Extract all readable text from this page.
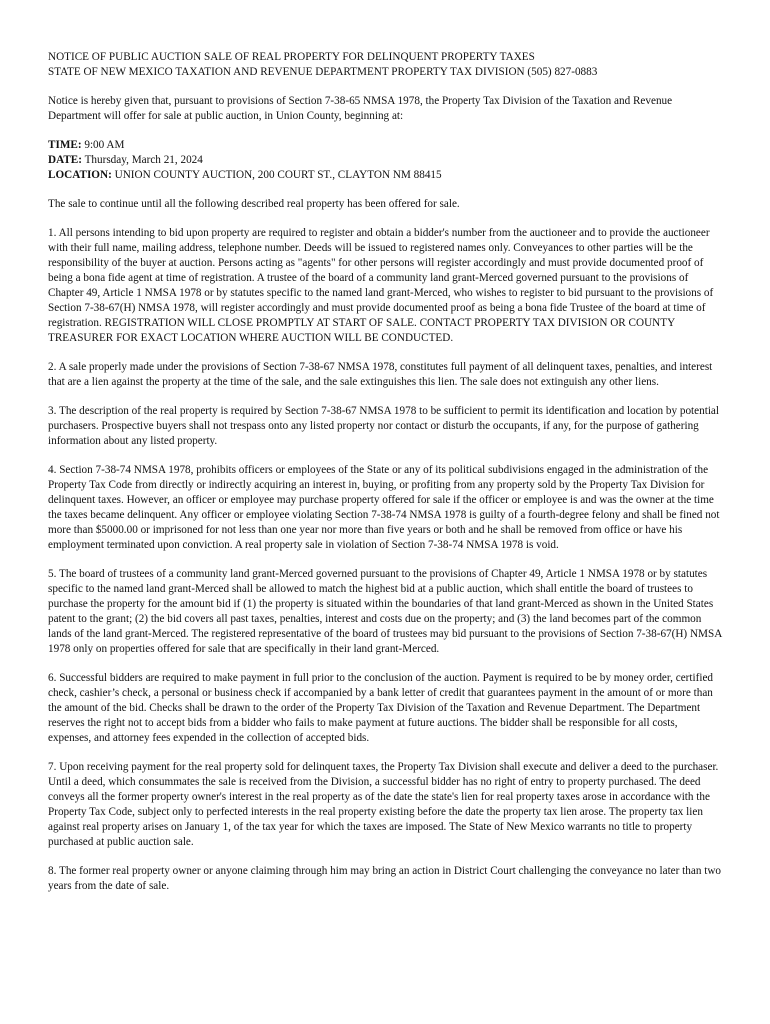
NOTICE OF PUBLIC AUCTION SALE OF REAL PROPERTY FOR DELINQUENT PROPERTY TAXES
STATE OF NEW MEXICO TAXATION AND REVENUE DEPARTMENT PROPERTY TAX DIVISION (505) 827-0883

Notice is hereby given that, pursuant to provisions of Section 7-38-65 NMSA 1978, the Property Tax Division of the Taxation and Revenue Department will offer for sale at public auction, in Union County, beginning at:

TIME: 9:00 AM
DATE: Thursday, March 21, 2024
LOCATION: UNION COUNTY AUCTION, 200 COURT ST., CLAYTON NM 88415

The sale to continue until all the following described real property has been offered for sale.

1. All persons intending to bid upon property are required to register and obtain a bidder's number from the auctioneer and to provide the auctioneer with their full name, mailing address, telephone number. Deeds will be issued to registered names only. Conveyances to other parties will be the responsibility of the buyer at auction. Persons acting as "agents" for other persons will register accordingly and must provide documented proof of being a bona fide agent at time of registration. A trustee of the board of a community land grant-Merced governed pursuant to the provisions of Chapter 49, Article 1 NMSA 1978 or by statutes specific to the named land grant-Merced, who wishes to register to bid pursuant to the provisions of Section 7-38-67(H) NMSA 1978, will register accordingly and must provide documented proof as being a bona fide Trustee of the board at time of registration. REGISTRATION WILL CLOSE PROMPTLY AT START OF SALE. CONTACT PROPERTY TAX DIVISION OR COUNTY TREASURER FOR EXACT LOCATION WHERE AUCTION WILL BE CONDUCTED.

2. A sale properly made under the provisions of Section 7-38-67 NMSA 1978, constitutes full payment of all delinquent taxes, penalties, and interest that are a lien against the property at the time of the sale, and the sale extinguishes this lien. The sale does not extinguish any other liens.

3. The description of the real property is required by Section 7-38-67 NMSA 1978 to be sufficient to permit its identification and location by potential purchasers. Prospective buyers shall not trespass onto any listed property nor contact or disturb the occupants, if any, for the purpose of gathering information about any listed property.

4. Section 7-38-74 NMSA 1978, prohibits officers or employees of the State or any of its political subdivisions engaged in the administration of the Property Tax Code from directly or indirectly acquiring an interest in, buying, or profiting from any property sold by the Property Tax Division for delinquent taxes. However, an officer or employee may purchase property offered for sale if the officer or employee is and was the owner at the time the taxes became delinquent. Any officer or employee violating Section 7-38-74 NMSA 1978 is guilty of a fourth-degree felony and shall be fined not more than $5000.00 or imprisoned for not less than one year nor more than five years or both and he shall be removed from office or have his employment terminated upon conviction. A real property sale in violation of Section 7-38-74 NMSA 1978 is void.

5. The board of trustees of a community land grant-Merced governed pursuant to the provisions of Chapter 49, Article 1 NMSA 1978 or by statutes specific to the named land grant-Merced shall be allowed to match the highest bid at a public auction, which shall entitle the board of trustees to purchase the property for the amount bid if (1) the property is situated within the boundaries of that land grant-Merced as shown in the United States patent to the grant; (2) the bid covers all past taxes, penalties, interest and costs due on the property; and (3) the land becomes part of the common lands of the land grant-Merced. The registered representative of the board of trustees may bid pursuant to the provisions of Section 7-38-67(H) NMSA 1978 only on properties offered for sale that are specifically in their land grant-Merced.

6. Successful bidders are required to make payment in full prior to the conclusion of the auction. Payment is required to be by money order, certified check, cashier’s check, a personal or business check if accompanied by a bank letter of credit that guarantees payment in the amount of or more than the amount of the bid. Checks shall be drawn to the order of the Property Tax Division of the Taxation and Revenue Department. The Department reserves the right not to accept bids from a bidder who fails to make payment at future auctions. The bidder shall be responsible for all costs, expenses, and attorney fees expended in the collection of accepted bids.

7. Upon receiving payment for the real property sold for delinquent taxes, the Property Tax Division shall execute and deliver a deed to the purchaser. Until a deed, which consummates the sale is received from the Division, a successful bidder has no right of entry to property purchased. The deed conveys all the former property owner's interest in the real property as of the date the state's lien for real property taxes arose in accordance with the Property Tax Code, subject only to perfected interests in the real property existing before the date the property tax lien arose. The property tax lien against real property arises on January 1, of the tax year for which the taxes are imposed. The State of New Mexico warrants no title to property purchased at public auction sale.

8. The former real property owner or anyone claiming through him may bring an action in District Court challenging the conveyance no later than two years from the date of sale.
